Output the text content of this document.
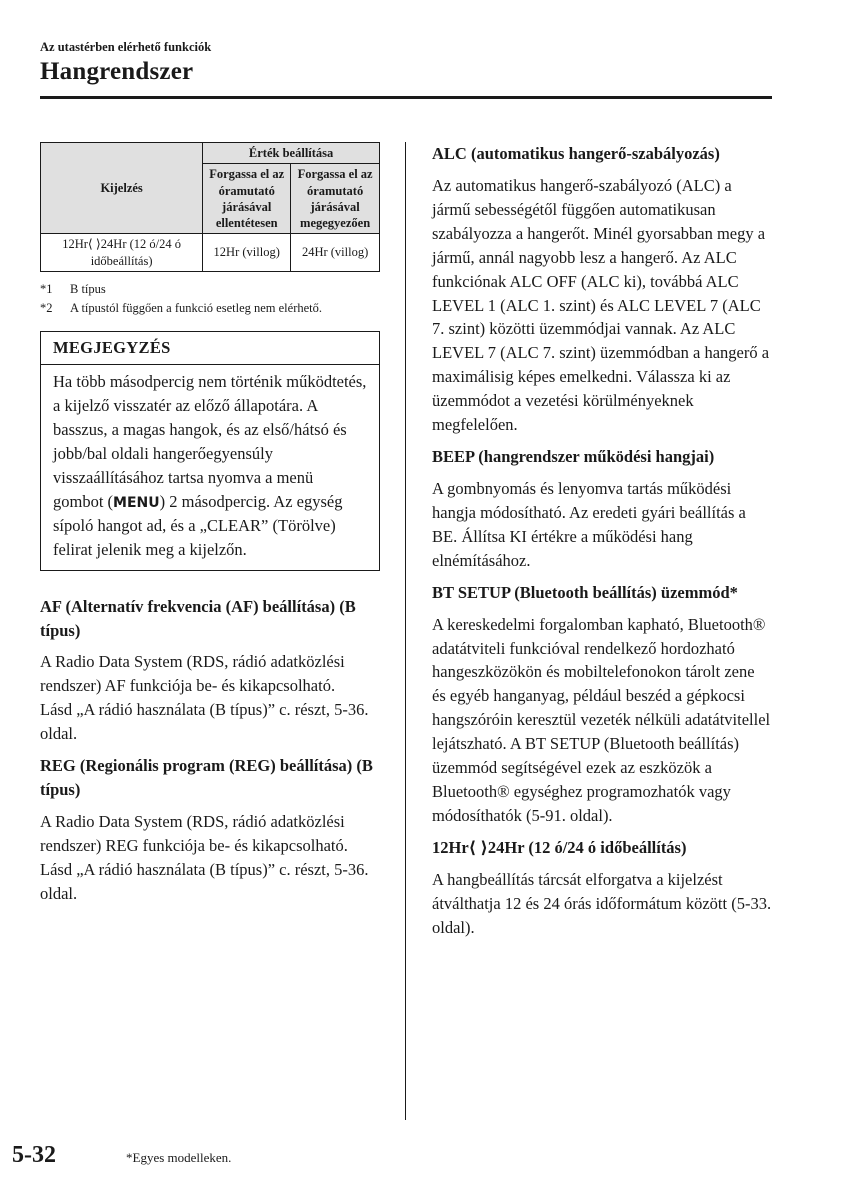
Az utastérben elérhető funkciók
Hangrendszer
Kijelzés	Érték beállítása	
	Forgassa el az óramutató járásával ellentétesen	Forgassa el az óramutató járásával megegyezően
12Hr⟨ ⟩24Hr (12 ó/24 ó időbeállítás)	12Hr (villog)	24Hr (villog)
*1	B típus
*2	A típustól függően a funkció esetleg nem elérhető.
MEGJEGYZÉS
Ha több másodpercig nem történik működtetés, a kijelző visszatér az előző állapotára. A basszus, a magas hangok, és az első/hátsó és jobb/bal oldali hangerőegyensúly visszaállításához tartsa nyomva a menü gombot (MENU) 2 másodpercig. Az egység sípoló hangot ad, és a „CLEAR” (Törölve) felirat jelenik meg a kijelzőn.
AF (Alternatív frekvencia (AF) beállítása) (B típus)

A Radio Data System (RDS, rádió adatközlési rendszer) AF funkciója be- és kikapcsolható.

Lásd „A rádió használata (B típus)” c. részt, 5-36. oldal.

REG (Regionális program (REG) beállítása) (B típus)

A Radio Data System (RDS, rádió adatközlési rendszer) REG funkciója be- és kikapcsolható.

Lásd „A rádió használata (B típus)” c. részt, 5-36. oldal.

ALC (automatikus hangerő-szabályozás)

Az automatikus hangerő-szabályozó (ALC) a jármű sebességétől függően automatikusan szabályozza a hangerőt. Minél gyorsabban megy a jármű, annál nagyobb lesz a hangerő. Az ALC funkciónak ALC OFF (ALC ki), továbbá ALC LEVEL 1 (ALC 1. szint) és ALC LEVEL 7 (ALC 7. szint) közötti üzemmódjai vannak. Az ALC LEVEL 7 (ALC 7. szint) üzemmódban a hangerő a maximálisig képes emelkedni. Válassza ki az üzemmódot a vezetési körülményeknek megfelelően.

BEEP (hangrendszer működési hangjai)

A gombnyomás és lenyomva tartás működési hangja módosítható. Az eredeti gyári beállítás a BE. Állítsa KI értékre a működési hang elnémításához.

BT SETUP (Bluetooth beállítás) üzemmód*

A kereskedelmi forgalomban kapható, Bluetooth® adatátviteli funkcióval rendelkező hordozható hangeszközökön és mobiltelefonokon tárolt zene és egyéb hanganyag, például beszéd a gépkocsi hangszóróin keresztül vezeték nélküli adatátvitellel lejátszható. A BT SETUP (Bluetooth beállítás) üzemmód segítségével ezek az eszközök a Bluetooth® egységhez programozhatók vagy módosíthatók (5-91. oldal).

12Hr⟨ ⟩24Hr (12 ó/24 ó időbeállítás)

A hangbeállítás tárcsát elforgatva a kijelzést átválthatja 12 és 24 órás időformátum között (5-33. oldal).

5-32	*Egyes modelleken.
